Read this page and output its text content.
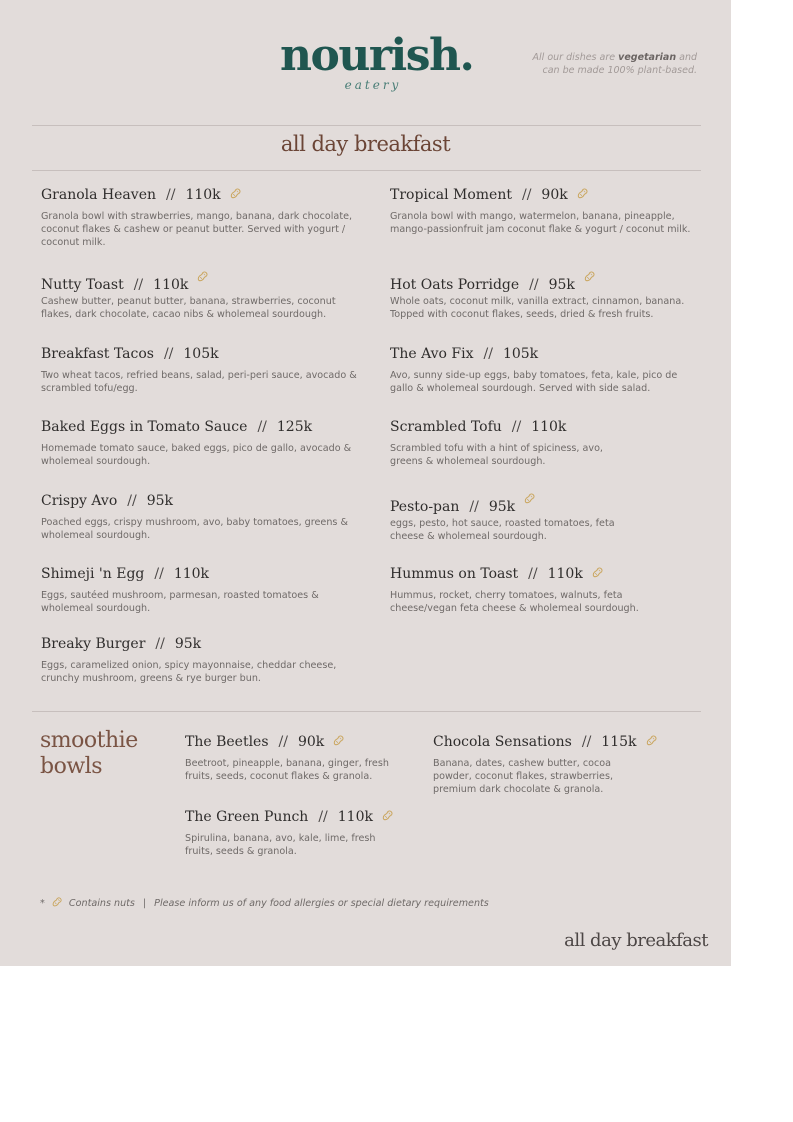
nourish.
eatery
All our dishes are vegetarian and can be made 100% plant-based.
all day breakfast
Granola Heaven // 110k
Granola bowl with strawberries, mango, banana, dark chocolate, coconut flakes & cashew or peanut butter. Served with yogurt / coconut milk.
Nutty Toast // 110k
Cashew butter, peanut butter, banana, strawberries, coconut flakes, dark chocolate, cacao nibs & wholemeal sourdough.
Breakfast Tacos // 105k
Two wheat tacos, refried beans, salad, peri-peri sauce, avocado & scrambled tofu/egg.
Baked Eggs in Tomato Sauce // 125k
Homemade tomato sauce, baked eggs, pico de gallo, avocado & wholemeal sourdough.
Crispy Avo // 95k
Poached eggs, crispy mushroom, avo, baby tomatoes, greens & wholemeal sourdough.
Shimeji 'n Egg // 110k
Eggs, sautéed mushroom, parmesan, roasted tomatoes & wholemeal sourdough.
Breaky Burger // 95k
Eggs, caramelized onion, spicy mayonnaise, cheddar cheese, crunchy mushroom, greens & rye burger bun.
Tropical Moment // 90k
Granola bowl with mango, watermelon, banana, pineapple, mango-passionfruit jam coconut flake & yogurt / coconut milk.
Hot Oats Porridge // 95k
Whole oats, coconut milk, vanilla extract, cinnamon, banana. Topped with coconut flakes, seeds, dried & fresh fruits.
The Avo Fix // 105k
Avo, sunny side-up eggs, baby tomatoes, feta, kale, pico de gallo & wholemeal sourdough. Served with side salad.
Scrambled Tofu // 110k
Scrambled tofu with a hint of spiciness, avo, greens & wholemeal sourdough.
Pesto-pan // 95k
eggs, pesto, hot sauce, roasted tomatoes, feta cheese & wholemeal sourdough.
Hummus on Toast // 110k
Hummus, rocket, cherry tomatoes, walnuts, feta cheese/vegan feta cheese & wholemeal sourdough.
smoothie
bowls
The Beetles // 90k
Beetroot, pineapple, banana, ginger, fresh fruits, seeds, coconut flakes & granola.
Chocola Sensations // 115k
Banana, dates, cashew butter, cocoa powder, coconut flakes, strawberries, premium dark chocolate & granola.
The Green Punch // 110k
Spirulina, banana, avo, kale, lime, fresh fruits, seeds & granola.
*	Contains nuts | Please inform us of any food allergies or special dietary requirements
all day breakfast
